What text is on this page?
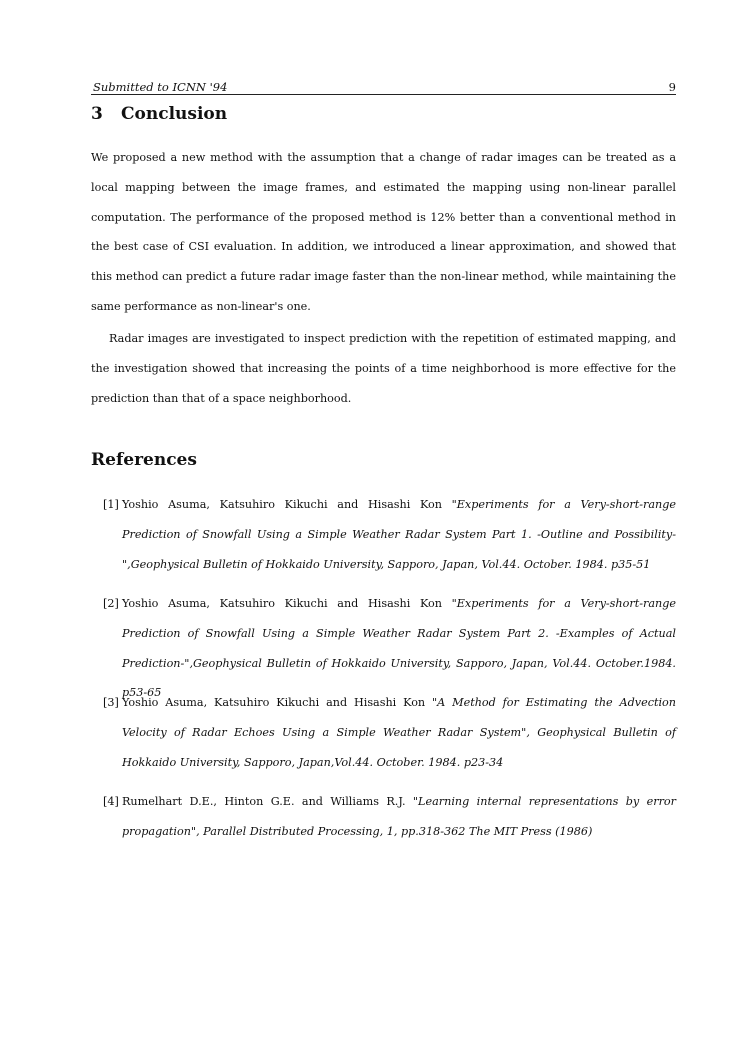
Submitted to ICNN '94	9
3 Conclusion

We proposed a new method with the assumption that a change of radar images can be treated as a local mapping between the image frames, and estimated the mapping using non-linear parallel computation. The performance of the proposed method is 12% better than a conventional method in the best case of CSI evaluation. In addition, we introduced a linear approximation, and showed that this method can predict a future radar image faster than the non-linear method, while maintaining the same performance as non-linear's one.

Radar images are investigated to inspect prediction with the repetition of estimated mapping, and the investigation showed that increasing the points of a time neighborhood is more effective for the prediction than that of a space neighborhood.

References
[1] Yoshio Asuma, Katsuhiro Kikuchi and Hisashi Kon "Experiments for a Very-short-range Prediction of Snowfall Using a Simple Weather Radar System Part 1. -Outline and Possibility-",Geophysical Bulletin of Hokkaido University, Sapporo, Japan, Vol.44. October. 1984. p35-51
[2] Yoshio Asuma, Katsuhiro Kikuchi and Hisashi Kon "Experiments for a Very-short-range Prediction of Snowfall Using a Simple Weather Radar System Part 2. -Examples of Actual Prediction-",Geophysical Bulletin of Hokkaido University, Sapporo, Japan, Vol.44. October.1984. p53-65
[3] Yoshio Asuma, Katsuhiro Kikuchi and Hisashi Kon "A Method for Estimating the Advection Velocity of Radar Echoes Using a Simple Weather Radar System", Geophysical Bulletin of Hokkaido University, Sapporo, Japan,Vol.44. October. 1984. p23-34
[4] Rumelhart D.E., Hinton G.E. and Williams R.J. "Learning internal representations by error propagation", Parallel Distributed Processing, 1, pp.318-362 The MIT Press (1986)
